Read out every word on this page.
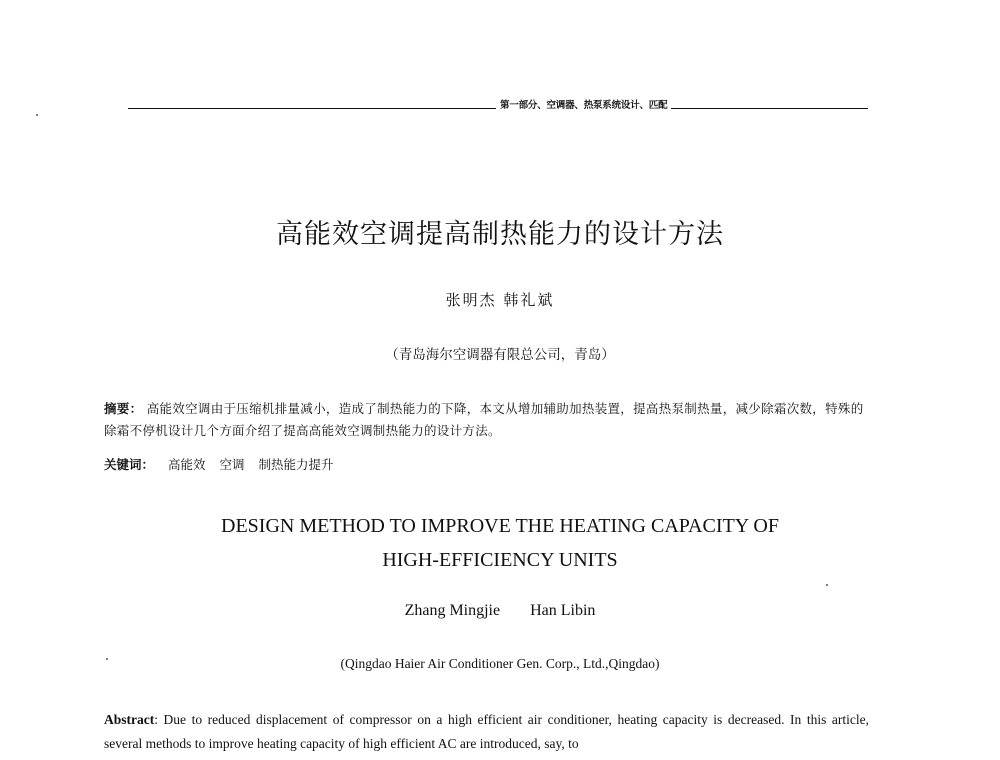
第一部分、空调器、热泵系统设计、匹配
高能效空调提高制热能力的设计方法
张明杰 韩礼斌
（青岛海尔空调器有限总公司，青岛）
摘要： 高能效空调由于压缩机排量减小，造成了制热能力的下降，本文从增加辅助加热装置，提高热泵制热量，减少除霜次数，特殊的除霜不停机设计几个方面介绍了提高高能效空调制热能力的设计方法。
关键词： 高能效 空调 制热能力提升
DESIGN METHOD TO IMPROVE THE HEATING CAPACITY OF
HIGH-EFFICIENCY UNITS
Zhang Mingjie Han Libin
(Qingdao Haier Air Conditioner Gen. Corp., Ltd.,Qingdao)
Abstract: Due to reduced displacement of compressor on a high efficient air conditioner, heating capacity is decreased. In this article, several methods to improve heating capacity of high efficient AC are introduced, say, to
